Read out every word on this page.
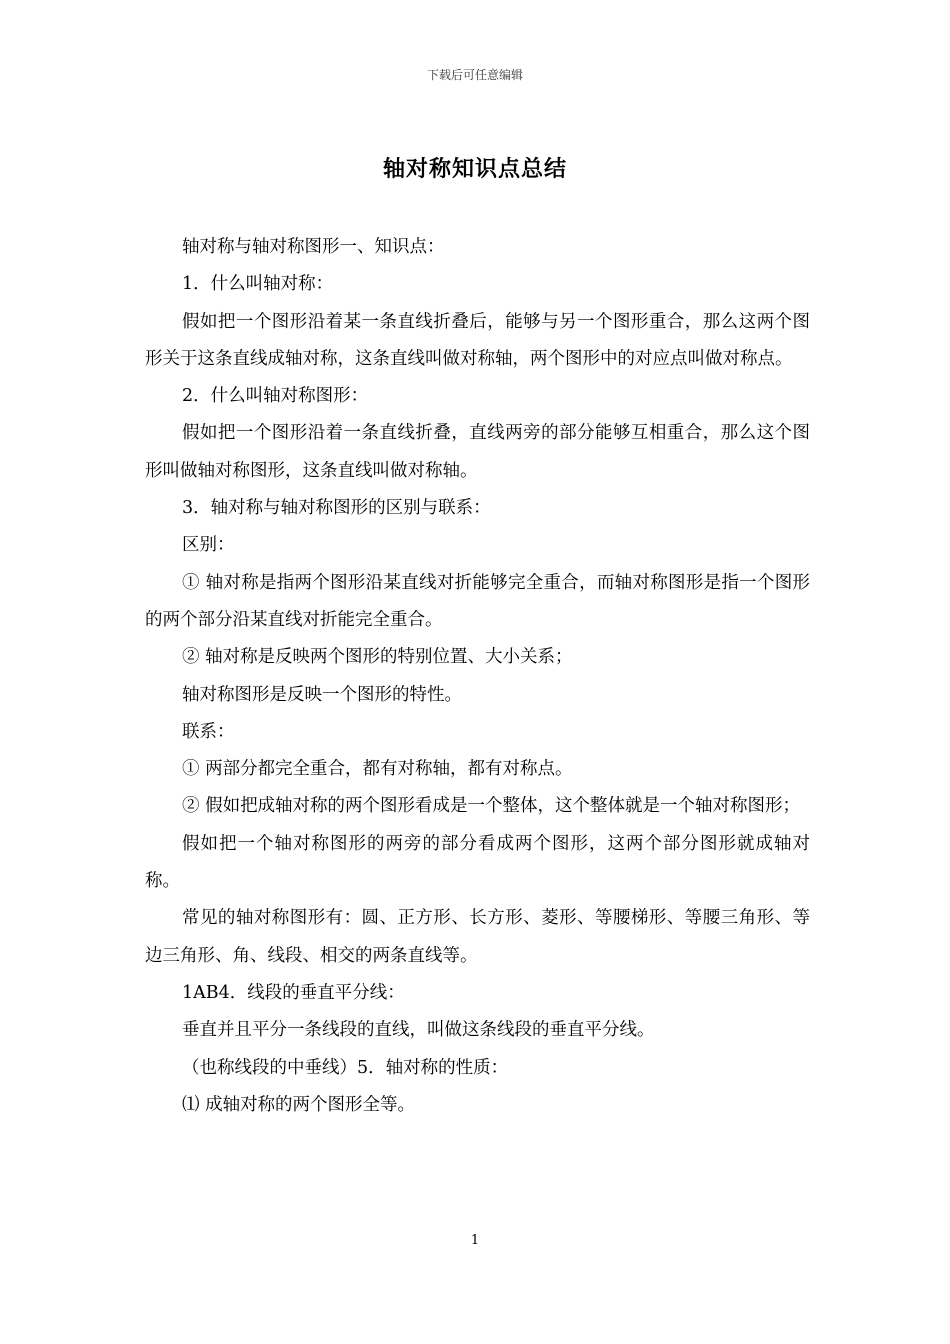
下载后可任意编辑
轴对称知识点总结

轴对称与轴对称图形一、知识点：

1．什么叫轴对称：

假如把一个图形沿着某一条直线折叠后，能够与另一个图形重合，那么这两个图形关于这条直线成轴对称，这条直线叫做对称轴，两个图形中的对应点叫做对称点。

2．什么叫轴对称图形：

假如把一个图形沿着一条直线折叠，直线两旁的部分能够互相重合，那么这个图形叫做轴对称图形，这条直线叫做对称轴。

3．轴对称与轴对称图形的区别与联系：

区别：

① 轴对称是指两个图形沿某直线对折能够完全重合，而轴对称图形是指一个图形的两个部分沿某直线对折能完全重合。

② 轴对称是反映两个图形的特别位置、大小关系；

轴对称图形是反映一个图形的特性。

联系：

① 两部分都完全重合，都有对称轴，都有对称点。

② 假如把成轴对称的两个图形看成是一个整体，这个整体就是一个轴对称图形；

假如把一个轴对称图形的两旁的部分看成两个图形，这两个部分图形就成轴对称。

常见的轴对称图形有：圆、正方形、长方形、菱形、等腰梯形、等腰三角形、等边三角形、角、线段、相交的两条直线等。

1AB4．线段的垂直平分线：

垂直并且平分一条线段的直线，叫做这条线段的垂直平分线。

（也称线段的中垂线）5．轴对称的性质：

⑴ 成轴对称的两个图形全等。

1
